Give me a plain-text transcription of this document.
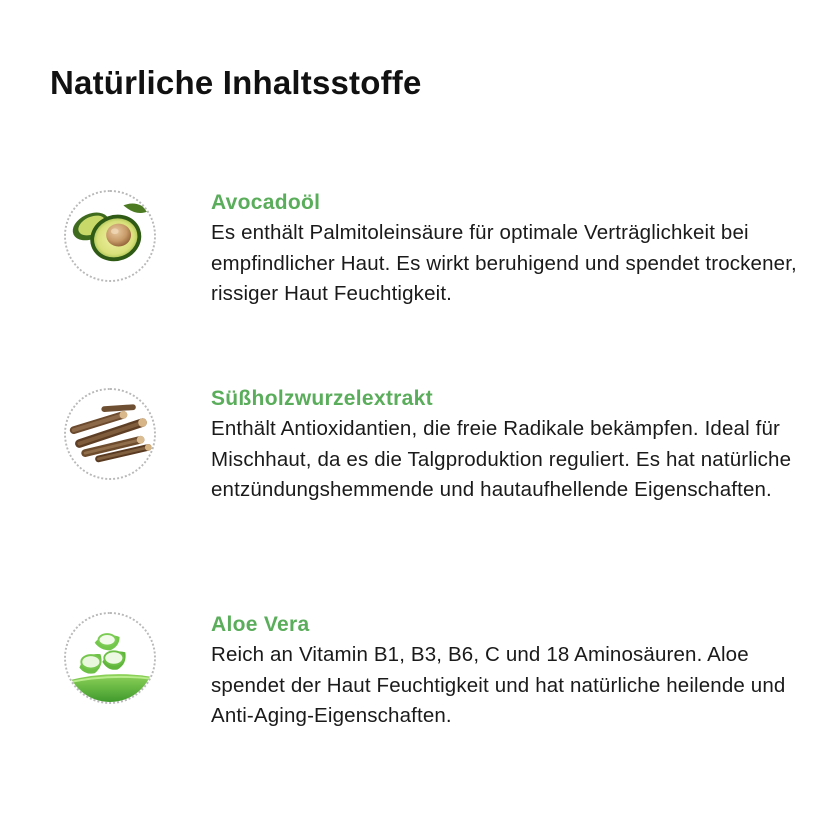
Natürliche Inhaltsstoffe

Avocadoöl

Es enthält Palmitoleinsäure für optimale Verträglichkeit bei empfindlicher Haut. Es wirkt beruhigend und spendet trockener, rissiger Haut Feuchtigkeit.

Süßholzwurzelextrakt

Enthält Antioxidantien, die freie Radikale bekämpfen. Ideal für Mischhaut, da es die Talgproduktion reguliert. Es hat natürliche entzündungshemmende und hautaufhellende Eigenschaften.

Aloe Vera

Reich an Vitamin B1, B3, B6, C und 18 Aminosäuren. Aloe spendet der Haut Feuchtigkeit und hat natürliche heilende und Anti-Aging-Eigenschaften.
